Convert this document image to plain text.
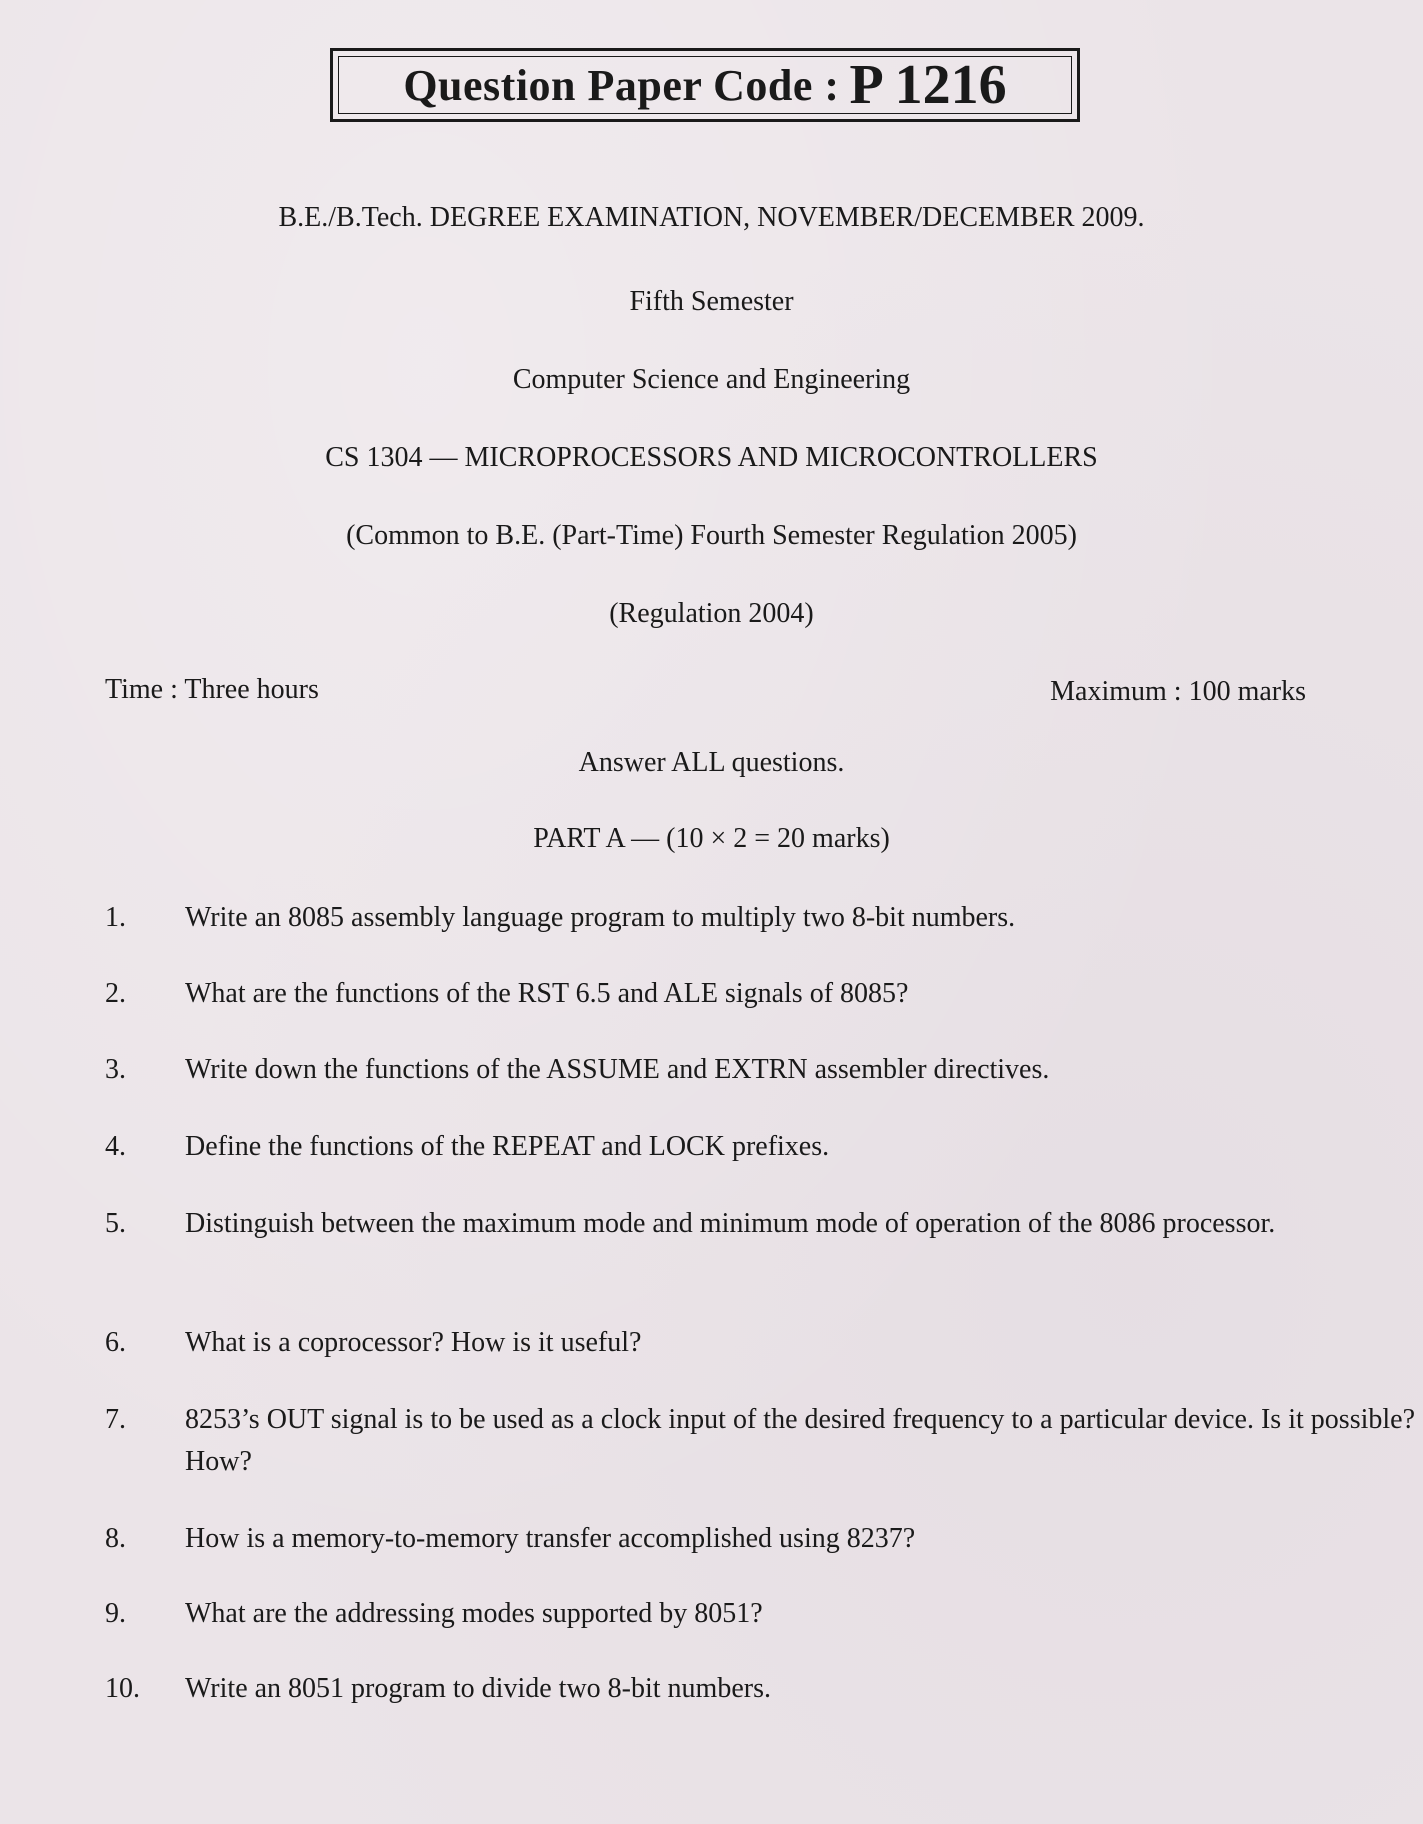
Question Paper Code : P 1216
B.E./B.Tech. DEGREE EXAMINATION, NOVEMBER/DECEMBER 2009.
Fifth Semester
Computer Science and Engineering
CS 1304 — MICROPROCESSORS AND MICROCONTROLLERS
(Common to B.E. (Part-Time) Fourth Semester Regulation 2005)
(Regulation 2004)
Time : Three hours	Maximum : 100 marks
Answer ALL questions.
PART A — (10 × 2 = 20 marks)
1.	Write an 8085 assembly language program to multiply two 8-bit numbers.
2.	What are the functions of the RST 6.5 and ALE signals of 8085?
3.	Write down the functions of the ASSUME and EXTRN assembler directives.
4.	Define the functions of the REPEAT and LOCK prefixes.
5.	Distinguish between the maximum mode and minimum mode of operation of the 8086 processor.
6.	What is a coprocessor? How is it useful?
7.	8253’s OUT signal is to be used as a clock input of the desired frequency to a particular device. Is it possible? How?
8.	How is a memory-to-memory transfer accomplished using 8237?
9.	What are the addressing modes supported by 8051?
10.	Write an 8051 program to divide two 8-bit numbers.
